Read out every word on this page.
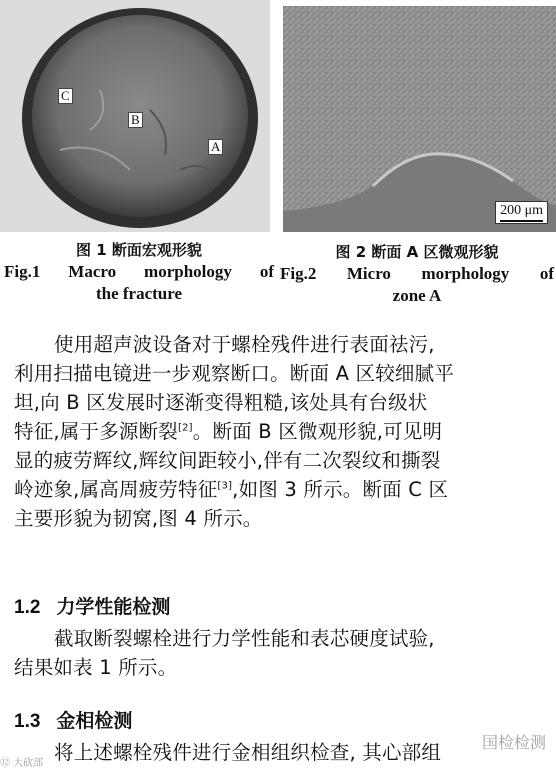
C
B
A
200 μm
图 1 断面宏观形貌
Fig.1 Macro morphology of
the fracture
图 2 断面 A 区微观形貌
Fig.2 Micro morphology of
zone A
使用超声波设备对于螺栓残件进行表面祛污,
利用扫描电镜进一步观察断口。断面 A 区较细腻平
坦,向 B 区发展时逐渐变得粗糙,该处具有台级状
特征,属于多源断裂[2]。断面 B 区微观形貌,可见明
显的疲劳辉纹,辉纹间距较小,伴有二次裂纹和撕裂
岭迹象,属高周疲劳特征[3],如图 3 所示。断面 C 区
主要形貌为韧窝,图 4 所示。
1.2 力学性能检测
截取断裂螺栓进行力学性能和表芯硬度试验,
结果如表 1 所示。
1.3 金相检测
将上述螺栓残件进行金相组织检查, 其心部组
⑫ 大砍部
国检检测
